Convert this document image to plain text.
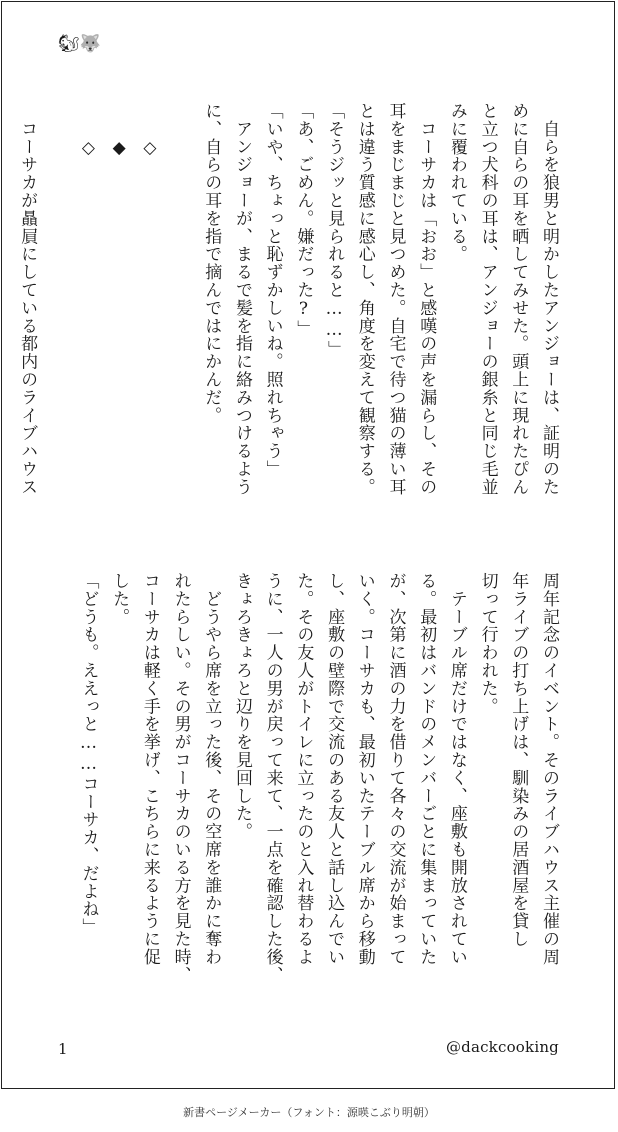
🐿🐺
　自らを狼男と明かしたアンジョーは、証明のた
めに自らの耳を晒してみせた。頭上に現れたぴん
と立つ犬科の耳は、アンジョーの銀糸と同じ毛並
みに覆われている。
　コーサカは「おお」と感嘆の声を漏らし、その
耳をまじまじと見つめた。自宅で待つ猫の薄い耳
とは違う質感に感心し、角度を変えて観察する。
「そうジッと見られると……」
「あ、ごめん。嫌だった?」
「いや、ちょっと恥ずかしいね。照れちゃう」
　アンジョーが、まるで髪を指に絡みつけるよう
に、自らの耳を指で摘んではにかんだ。
　　◇
　　◆
　　◇
　コーサカが贔屓にしている都内のライブハウス
周年記念のイベント。そのライブハウス主催の周
年ライブの打ち上げは、馴染みの居酒屋を貸し
切って行われた。
　テーブル席だけではなく、座敷も開放されてい
る。最初はバンドのメンバーごとに集まっていた
が、次第に酒の力を借りて各々の交流が始まって
いく。コーサカも、最初いたテーブル席から移動
し、座敷の壁際で交流のある友人と話し込んでい
た。その友人がトイレに立ったのと入れ替わるよ
うに、一人の男が戻って来て、一点を確認した後、
きょろきょろと辺りを見回した。
　どうやら席を立った後、その空席を誰かに奪わ
れたらしい。その男がコーサカのいる方を見た時、
コーサカは軽く手を挙げ、こちらに来るように促
した。
「どうも。ええっと……コーサカ、だよね」
1	@dackcooking
新書ページメーカー（フォント：源暎こぶり明朝）
